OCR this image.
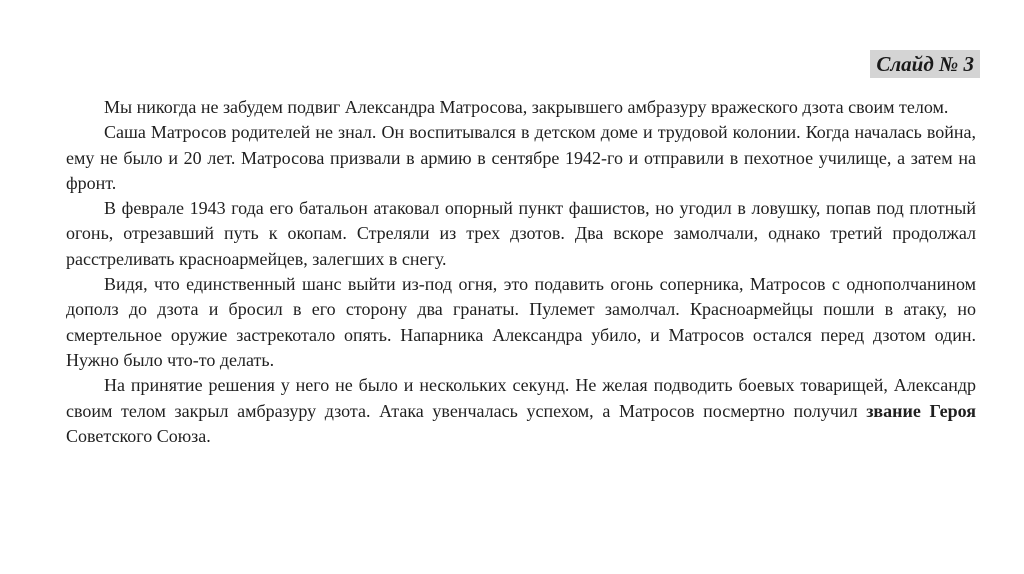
Слайд № 3

Мы никогда не забудем подвиг Александра Матросова, закрывшего амбразуру вражеского дзота своим телом.

Саша Матросов родителей не знал. Он воспитывался в детском доме и трудовой колонии. Когда началась война, ему не было и 20 лет. Матросова призвали в армию в сентябре 1942-го и отправили в пехотное училище, а затем на фронт.

В феврале 1943 года его батальон атаковал опорный пункт фашистов, но угодил в ловушку, попав под плотный огонь, отрезавший путь к окопам. Стреляли из трех дзотов. Два вскоре замолчали, однако третий продолжал расстреливать красноармейцев, залегших в снегу.

Видя, что единственный шанс выйти из-под огня, это подавить огонь соперника, Матросов с однополчанином дополз до дзота и бросил в его сторону два гранаты. Пулемет замолчал. Красноармейцы пошли в атаку, но смертельное оружие застрекотало опять. Напарника Александра убило, и Матросов остался перед дзотом один. Нужно было что-то делать.

На принятие решения у него не было и нескольких секунд. Не желая подводить боевых товарищей, Александр своим телом закрыл амбразуру дзота. Атака увенчалась успехом, а Матросов посмертно получил звание Героя Советского Союза.
